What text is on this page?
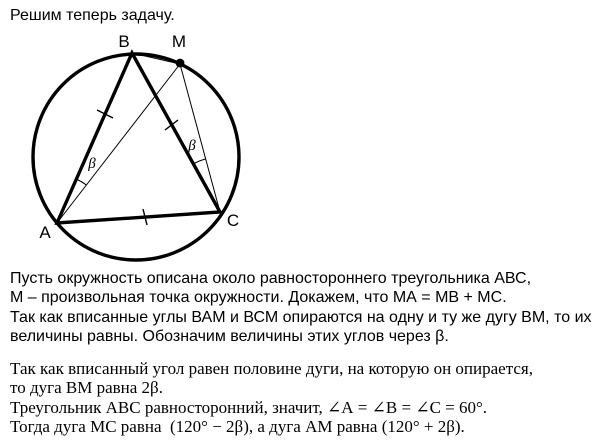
Решим теперь задачу.
В М
А
С
β
β
Пусть окружность описана около равностороннего треугольника АВС,
М – произвольная точка окружности. Докажем, что МА = МВ + МС.
Так как вписанные углы ВАМ и ВСМ опираются на одну и ту же дугу ВМ, то их
величины равны. Обозначим величины этих углов через β.
Так как вписанный угол равен половине дуги, на которую он опирается,
то дуга ВМ равна 2β.
Треугольник АВС равносторонний, значит, ∠А = ∠В = ∠С = 60°.
Тогда дуга МС равна  (120° − 2β), а дуга АМ равна (120° + 2β).
